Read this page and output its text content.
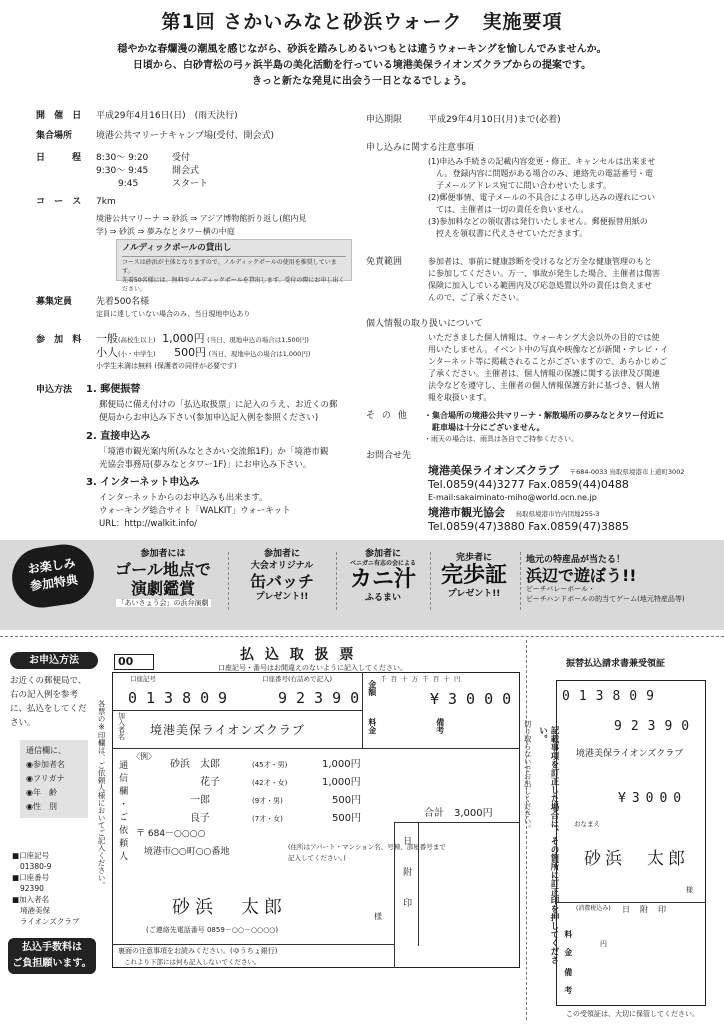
第1回 さかいみなと砂浜ウォーク　実施要項
穏やかな春爛漫の潮風を感じながら、砂浜を踏みしめるいつもとは違うウォーキングを愉しんでみませんか。
日頃から、白砂青松の弓ヶ浜半島の美化活動を行っている境港美保ライオンズクラブからの提案です。
きっと新たな発見に出会う一日となるでしょう。
開 催 日 平成29年4月16日(日)　(雨天決行)
集合場所	境港公共マリーナキャンプ場(受付、開会式)
日　　程 8:30～ 9:20	受付
9:30～ 9:45	開会式
9:45	スタート
コ ー ス 7km
境港公共マリーナ ⇒ 砂浜 ⇒ アジア博物館折り返し(館内見
学) ⇒ 砂浜 ⇒ 夢みなとタワー横の中庭
ノルディックポールの貸出し
コースは砂浜が主体となりますので、ノルディックポールの使用を推奨しています。
先着50名様には、無料でノルディックポールを貸出します。受付の際にお申し出ください。
募集定員	先着500名様
定員に達していない場合のみ、当日現地申込あり
参 加 料 一般(高校生以上) 1,000円 (当日、現地申込の場合は1,500円)
小人(小・中学生) 500円 (当日、現地申込の場合は1,000円)
小学生未満は無料 (保護者の同伴が必要です)
申込方法 1. 郵便振替
郵便局に備え付けの「払込取扱票」に記入のうえ、お近くの郵
便局からお申込み下さい(参加申込記入例を参照ください)
2. 直接申込み
「境港市観光案内所(みなとさかい交流館1F)」か「境港市観
光協会事務局(夢みなとタワー1F)」にお申込み下さい。
3. インターネット申込み
インターネットからのお申込みも出来ます。
ウォーキング総合サイト「WALKIT」ウォーキット
URL：http://walkit.info/
申込期限	平成29年4月10日(月)まで(必着)
申し込みに関する注意事項
(1)申込み手続きの記載内容変更・修正、キャンセルは出来ませ
　ん。登録内容に問題がある場合のみ、連絡先の電話番号・電
　子メールアドレス宛てに問い合わせいたします。
(2)郵便事情、電子メールの不具合による申し込みの遅れについ
　ては、主催者は一切の責任を負いません。
(3)参加料などの領収書は発行いたしません。郵便振替用紙の
　控えを領収書に代えさせていただきます。
免責範囲	参加者は、事前に健康診断を受けるなど万全な健康管理のもと
に参加してください。万一、事故が発生した場合、主催者は傷害
保険に加入している範囲内及び応急処置以外の責任は負えませ
んので、ご了承ください。
個人情報の取り扱いについて
いただきました個人情報は、ウォーキング大会以外の目的では使
用いたしません。イベント中の写真や映像などが新聞・テレビ・イ
ンターネット等に掲載されることがございますので、あらかじめご
了承ください。主催者は、個人情報の保護に関する法律及び関連
法令などを遵守し、主催者の個人情報保護方針に基づき、個人情
報を取扱います。
そ の 他 ・集合場所の境港公共マリーナ・解散場所の夢みなとタワー付近に
　駐車場は十分にございません。
・雨天の場合は、雨具は各自でご持参ください。
お問合せ先
境港美保ライオンズクラブ 〒684-0033 鳥取県境港市上道町3002
Tel.0859(44)3277 Fax.0859(44)0488
E-mail:sakaiminato-miho@world.ocn.ne.jp
境港市観光協会 鳥取県境港市竹内団地255-3
Tel.0859(47)3880 Fax.0859(47)3885
お楽しみ
参加特典
参加者には
ゴール地点で
演劇鑑賞
「あいさょう会」の浜弁演劇
参加者に
大会オリジナル
缶バッチ
プレゼント!!
参加者に
ベニガニ有志の会による
カニ汁
ふるまい
完歩者に
完歩証
プレゼント!!
地元の特産品が当たる！
浜辺で遊ぼう!!
ビーチバレーボール・
ビーチハンドボールの的当てゲーム(地元特産品等)
お申込方法
お近くの郵便局で、
右の記入例を参考
に、払込をしてくだ
さい。
通信欄に、
◉参加者名
◉フリガナ
◉年　齢
◉性　別
■口座記号
01380-9
■口座番号
92390
■加入者名
境港美保
ライオンズクラブ
払込手数料は
ご負担願います。
00	払 込 取 扱 票
口座記号・番号はお間違えのないように記入してください。
口座記号	口座番号(右詰めで記入)
01380 9	92390
金額
千 百 十 万 千 百 十 円
¥3000
加入者名 境港美保ライオンズクラブ	料金	備考
各票の※印欄は、ご依頼人様においてご記入ください。 通信欄・ご依頼人
〈例〉
砂浜　太郎	(45才・男)	1,000円
　　　花子	(42才・女)	1,000円
　　一郎	(9才・男)	500円
　　良子	(7才・女)	500円	合計　3,000円
〒 684－○○○○
境港市○○町○○番地	(住所はアパート・マンション名、号棟、部屋番号まで
記入してください。)
砂浜　太郎
(ご連絡先電話番号 0859－○○－○○○○)
様 日附印
裏面の注意事項をお読みください。(ゆうちょ銀行)
これより下部には何も記入しないでください。
切り取らないでお出しください。	記載事項を訂正した場合は、その箇所に訂正印を押してください。
振替払込請求書兼受領証
013809
92390
境港美保ライオンズクラブ
¥3000
おなまえ
砂浜　太郎
様
(消費税込み) 日　附　印
料金	円
備考
この受領証は、大切に保管してください。
